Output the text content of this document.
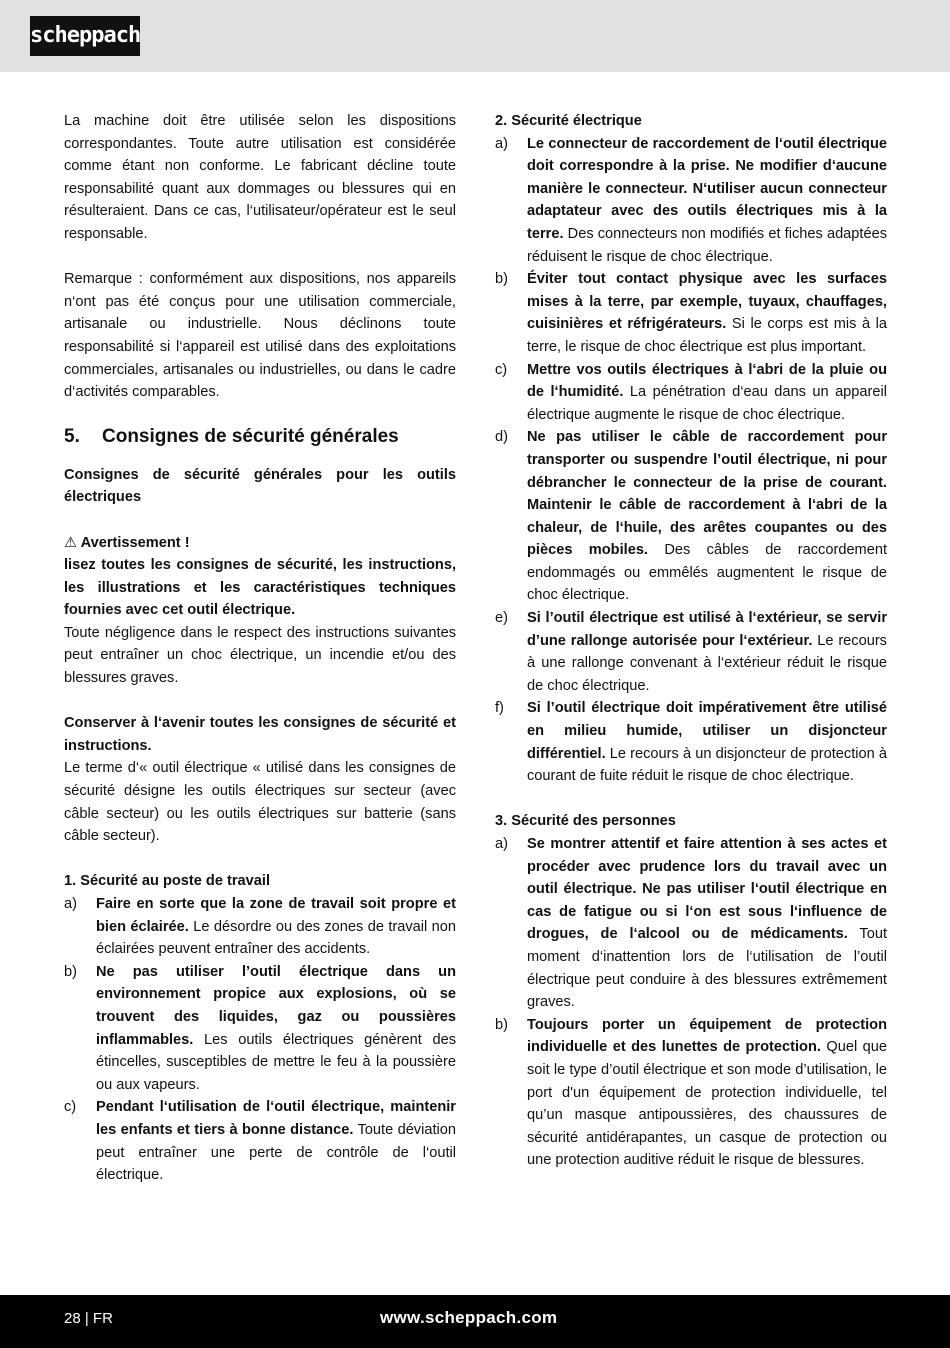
scheppach

La machine doit être utilisée selon les dispositions correspondantes. Toute autre utilisation est considérée comme étant non conforme. Le fabricant décline toute responsabilité quant aux dommages ou blessures qui en résulteraient. Dans ce cas, l‘utilisateur/opérateur est le seul responsable.

Remarque : conformément aux dispositions, nos appareils n‘ont pas été conçus pour une utilisation commerciale, artisanale ou industrielle. Nous déclinons toute responsabilité si l‘appareil est utilisé dans des exploitations commerciales, artisanales ou industrielles, ou dans le cadre d‘activités comparables.

5. Consignes de sécurité générales

Consignes de sécurité générales pour les outils électriques

⚠ Avertissement !

lisez toutes les consignes de sécurité, les instructions, les illustrations et les caractéristiques techniques fournies avec cet outil électrique.

Toute négligence dans le respect des instructions suivantes peut entraîner un choc électrique, un incendie et/ou des blessures graves.

Conserver à l‘avenir toutes les consignes de sécurité et instructions.

Le terme d‘« outil électrique « utilisé dans les consignes de sécurité désigne les outils électriques sur secteur (avec câble secteur) ou les outils électriques sur batterie (sans câble secteur).

1. Sécurité au poste de travail

a) Faire en sorte que la zone de travail soit propre et bien éclairée. Le désordre ou des zones de travail non éclairées peuvent entraîner des accidents.
b) Ne pas utiliser l’outil électrique dans un environnement propice aux explosions, où se trouvent des liquides, gaz ou poussières inflammables. Les outils électriques génèrent des étincelles, susceptibles de mettre le feu à la poussière ou aux vapeurs.
c) Pendant l‘utilisation de l‘outil électrique, maintenir les enfants et tiers à bonne distance. Toute déviation peut entraîner une perte de contrôle de l‘outil électrique.

2. Sécurité électrique

a) Le connecteur de raccordement de l‘outil électrique doit correspondre à la prise. Ne modifier d‘aucune manière le connecteur. N‘utiliser aucun connecteur adaptateur avec des outils électriques mis à la terre. Des connecteurs non modifiés et fiches adaptées réduisent le risque de choc électrique.
b) Éviter tout contact physique avec les surfaces mises à la terre, par exemple, tuyaux, chauffages, cuisinières et réfrigérateurs. Si le corps est mis à la terre, le risque de choc électrique est plus important.
c) Mettre vos outils électriques à l‘abri de la pluie ou de l‘humidité. La pénétration d‘eau dans un appareil électrique augmente le risque de choc électrique.
d) Ne pas utiliser le câble de raccordement pour transporter ou suspendre l’outil électrique, ni pour débrancher le connecteur de la prise de courant. Maintenir le câble de raccordement à l‘abri de la chaleur, de l‘huile, des arêtes coupantes ou des pièces mobiles. Des câbles de raccordement endommagés ou emmêlés augmentent le risque de choc électrique.
e) Si l’outil électrique est utilisé à l‘extérieur, se servir d’une rallonge autorisée pour l‘extérieur. Le recours à une rallonge convenant à l‘extérieur réduit le risque de choc électrique.
f) Si l’outil électrique doit impérativement être utilisé en milieu humide, utiliser un disjoncteur différentiel. Le recours à un disjoncteur de protection à courant de fuite réduit le risque de choc électrique.

3. Sécurité des personnes

a) Se montrer attentif et faire attention à ses actes et procéder avec prudence lors du travail avec un outil électrique. Ne pas utiliser l‘outil électrique en cas de fatigue ou si l‘on est sous l‘influence de drogues, de l‘alcool ou de médicaments. Tout moment d‘inattention lors de l‘utilisation de l’outil électrique peut conduire à des blessures extrêmement graves.
b) Toujours porter un équipement de protection individuelle et des lunettes de protection. Quel que soit le type d’outil électrique et son mode d’utilisation, le port d'un équipement de protection individuelle, tel qu’un masque antipoussières, des chaussures de sécurité antidérapantes, un casque de protection ou une protection auditive réduit le risque de blessures.
28 | FR	www.scheppach.com
